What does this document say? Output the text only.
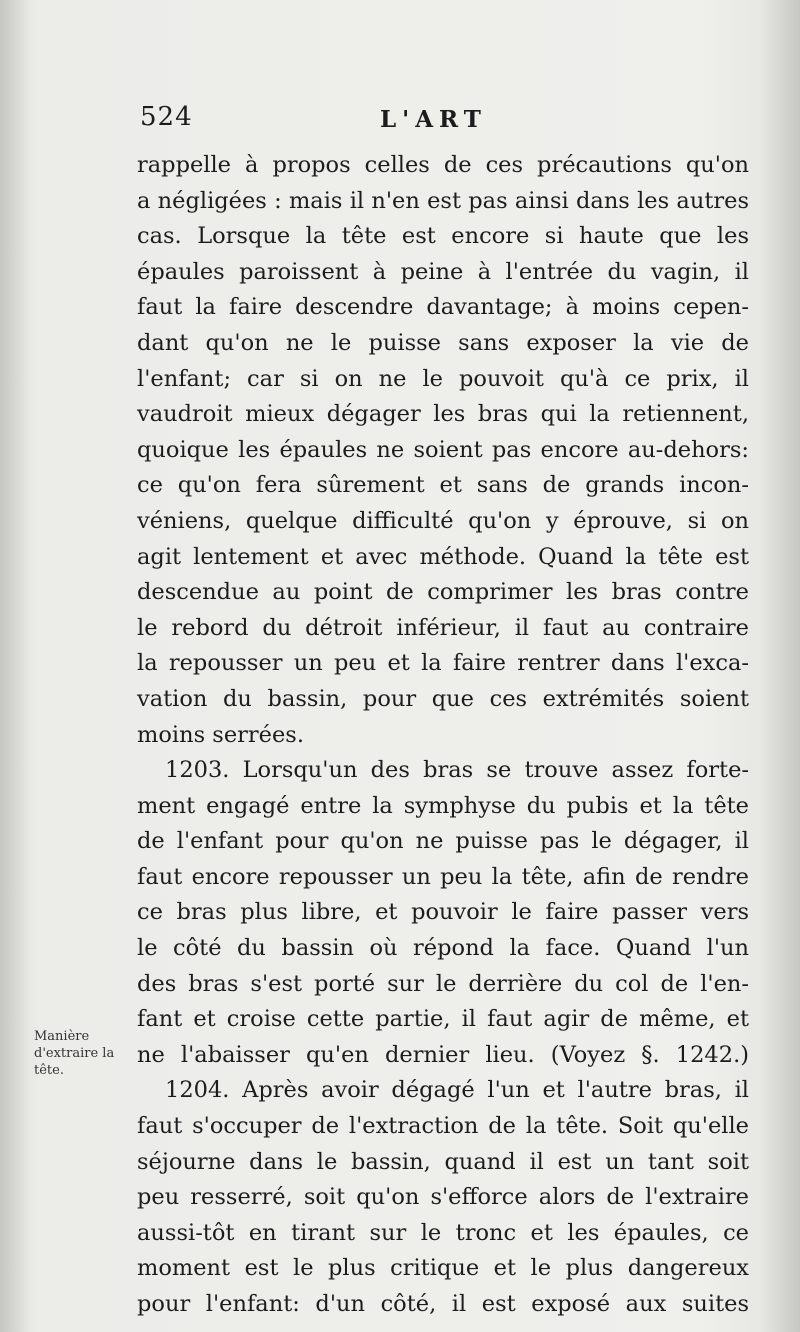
524	L'ART
Manière
d'extraire la
tête.
rappelle à propos celles de ces précautions qu'on
a négligées : mais il n'en est pas ainsi dans les autres
cas. Lorsque la tête est encore si haute que les
épaules paroissent à peine à l'entrée du vagin, il
faut la faire descendre davantage; à moins cepen-
dant qu'on ne le puisse sans exposer la vie de
l'enfant; car si on ne le pouvoit qu'à ce prix, il
vaudroit mieux dégager les bras qui la retiennent,
quoique les épaules ne soient pas encore au-dehors:
ce qu'on fera sûrement et sans de grands incon-
véniens, quelque difficulté qu'on y éprouve, si on
agit lentement et avec méthode. Quand la tête est
descendue au point de comprimer les bras contre
le rebord du détroit inférieur, il faut au contraire
la repousser un peu et la faire rentrer dans l'exca-
vation du bassin, pour que ces extrémités soient
moins serrées.
1203. Lorsqu'un des bras se trouve assez forte-
ment engagé entre la symphyse du pubis et la tête
de l'enfant pour qu'on ne puisse pas le dégager, il
faut encore repousser un peu la tête, afin de rendre
ce bras plus libre, et pouvoir le faire passer vers
le côté du bassin où répond la face. Quand l'un
des bras s'est porté sur le derrière du col de l'en-
fant et croise cette partie, il faut agir de même, et
ne l'abaisser qu'en dernier lieu. (Voyez §. 1242.)
1204. Après avoir dégagé l'un et l'autre bras, il
faut s'occuper de l'extraction de la tête. Soit qu'elle
séjourne dans le bassin, quand il est un tant soit
peu resserré, soit qu'on s'efforce alors de l'extraire
aussi-tôt en tirant sur le tronc et les épaules, ce
moment est le plus critique et le plus dangereux
pour l'enfant: d'un côté, il est exposé aux suites
